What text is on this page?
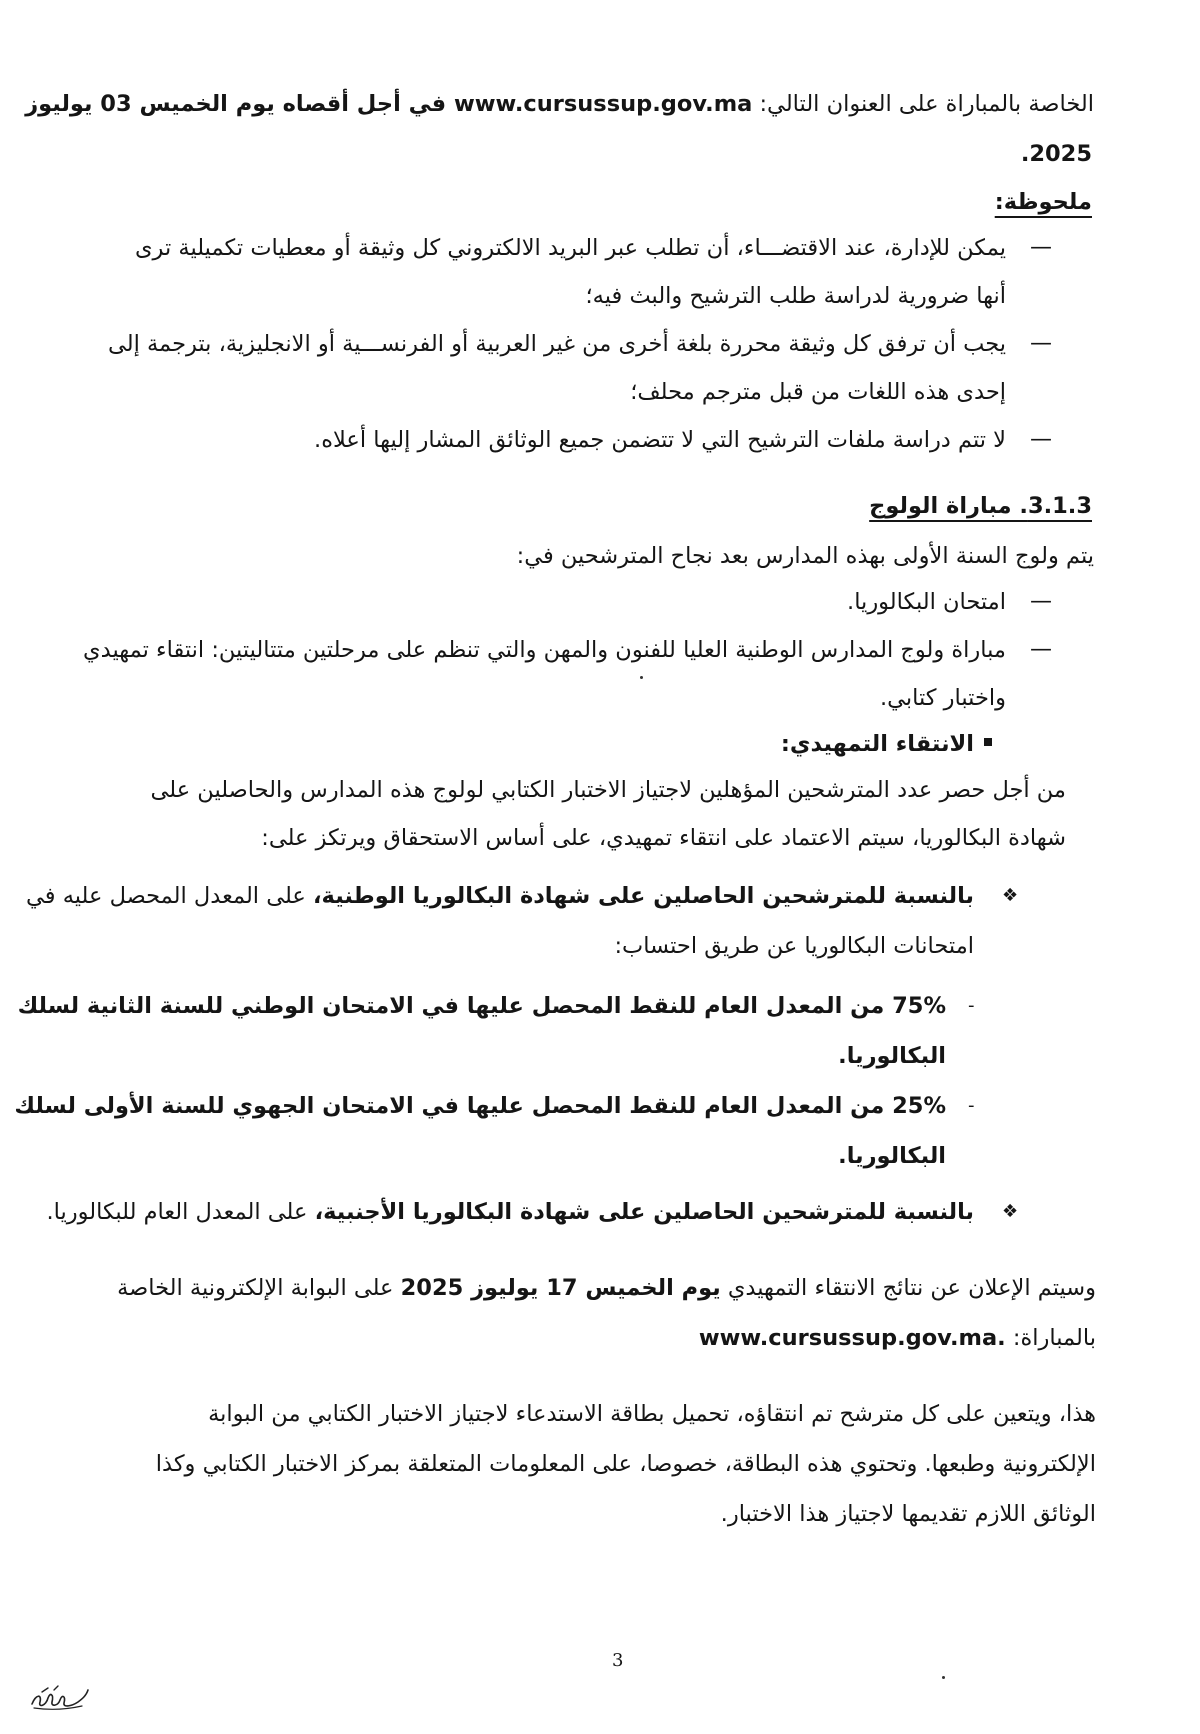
الخاصة بالمباراة على العنوان التالي: www.cursussup.gov.ma في أجل أقصاه يوم الخميس 03 يوليوز
2025.
ملحوظة:
—
يمكن للإدارة، عند الاقتضـــاء، أن تطلب عبر البريد الالكتروني كل وثيقة أو معطيات تكميلية ترى
أنها ضرورية لدراسة طلب الترشيح والبث فيه؛
—
يجب أن ترفق كل وثيقة محررة بلغة أخرى من غير العربية أو الفرنســـية أو الانجليزية، بترجمة إلى
إحدى هذه اللغات من قبل مترجم محلف؛
—
لا تتم دراسة ملفات الترشيح التي لا تتضمن جميع الوثائق المشار إليها أعلاه.
3.1.3. مباراة الولوج
يتم ولوج السنة الأولى بهذه المدارس بعد نجاح المترشحين في:
—
امتحان البكالوريا.
—
مباراة ولوج المدارس الوطنية العليا للفنون والمهن والتي تنظم على مرحلتين متتاليتين: انتقاء تمهيدي
واختبار كتابي.
الانتقاء التمهيدي:
من أجل حصر عدد المترشحين المؤهلين لاجتياز الاختبار الكتابي لولوج هذه المدارس والحاصلين على
شهادة البكالوريا، سيتم الاعتماد على انتقاء تمهيدي، على أساس الاستحقاق ويرتكز على:
❖
بالنسبة للمترشحين الحاصلين على شهادة البكالوريا الوطنية، على المعدل المحصل عليه في
امتحانات البكالوريا عن طريق احتساب:
-
75% من المعدل العام للنقط المحصل عليها في الامتحان الوطني للسنة الثانية لسلك
البكالوريا.
-
25% من المعدل العام للنقط المحصل عليها في الامتحان الجهوي للسنة الأولى لسلك
البكالوريا.
❖
بالنسبة للمترشحين الحاصلين على شهادة البكالوريا الأجنبية، على المعدل العام للبكالوريا.
وسيتم الإعلان عن نتائج الانتقاء التمهيدي يوم الخميس 17 يوليوز 2025 على البوابة الإلكترونية الخاصة
بالمباراة: www.cursussup.gov.ma.
هذا، ويتعين على كل مترشح تم انتقاؤه، تحميل بطاقة الاستدعاء لاجتياز الاختبار الكتابي من البوابة
الإلكترونية وطبعها. وتحتوي هذه البطاقة، خصوصا، على المعلومات المتعلقة بمركز الاختبار الكتابي وكذا
الوثائق اللازم تقديمها لاجتياز هذا الاختبار.
3
